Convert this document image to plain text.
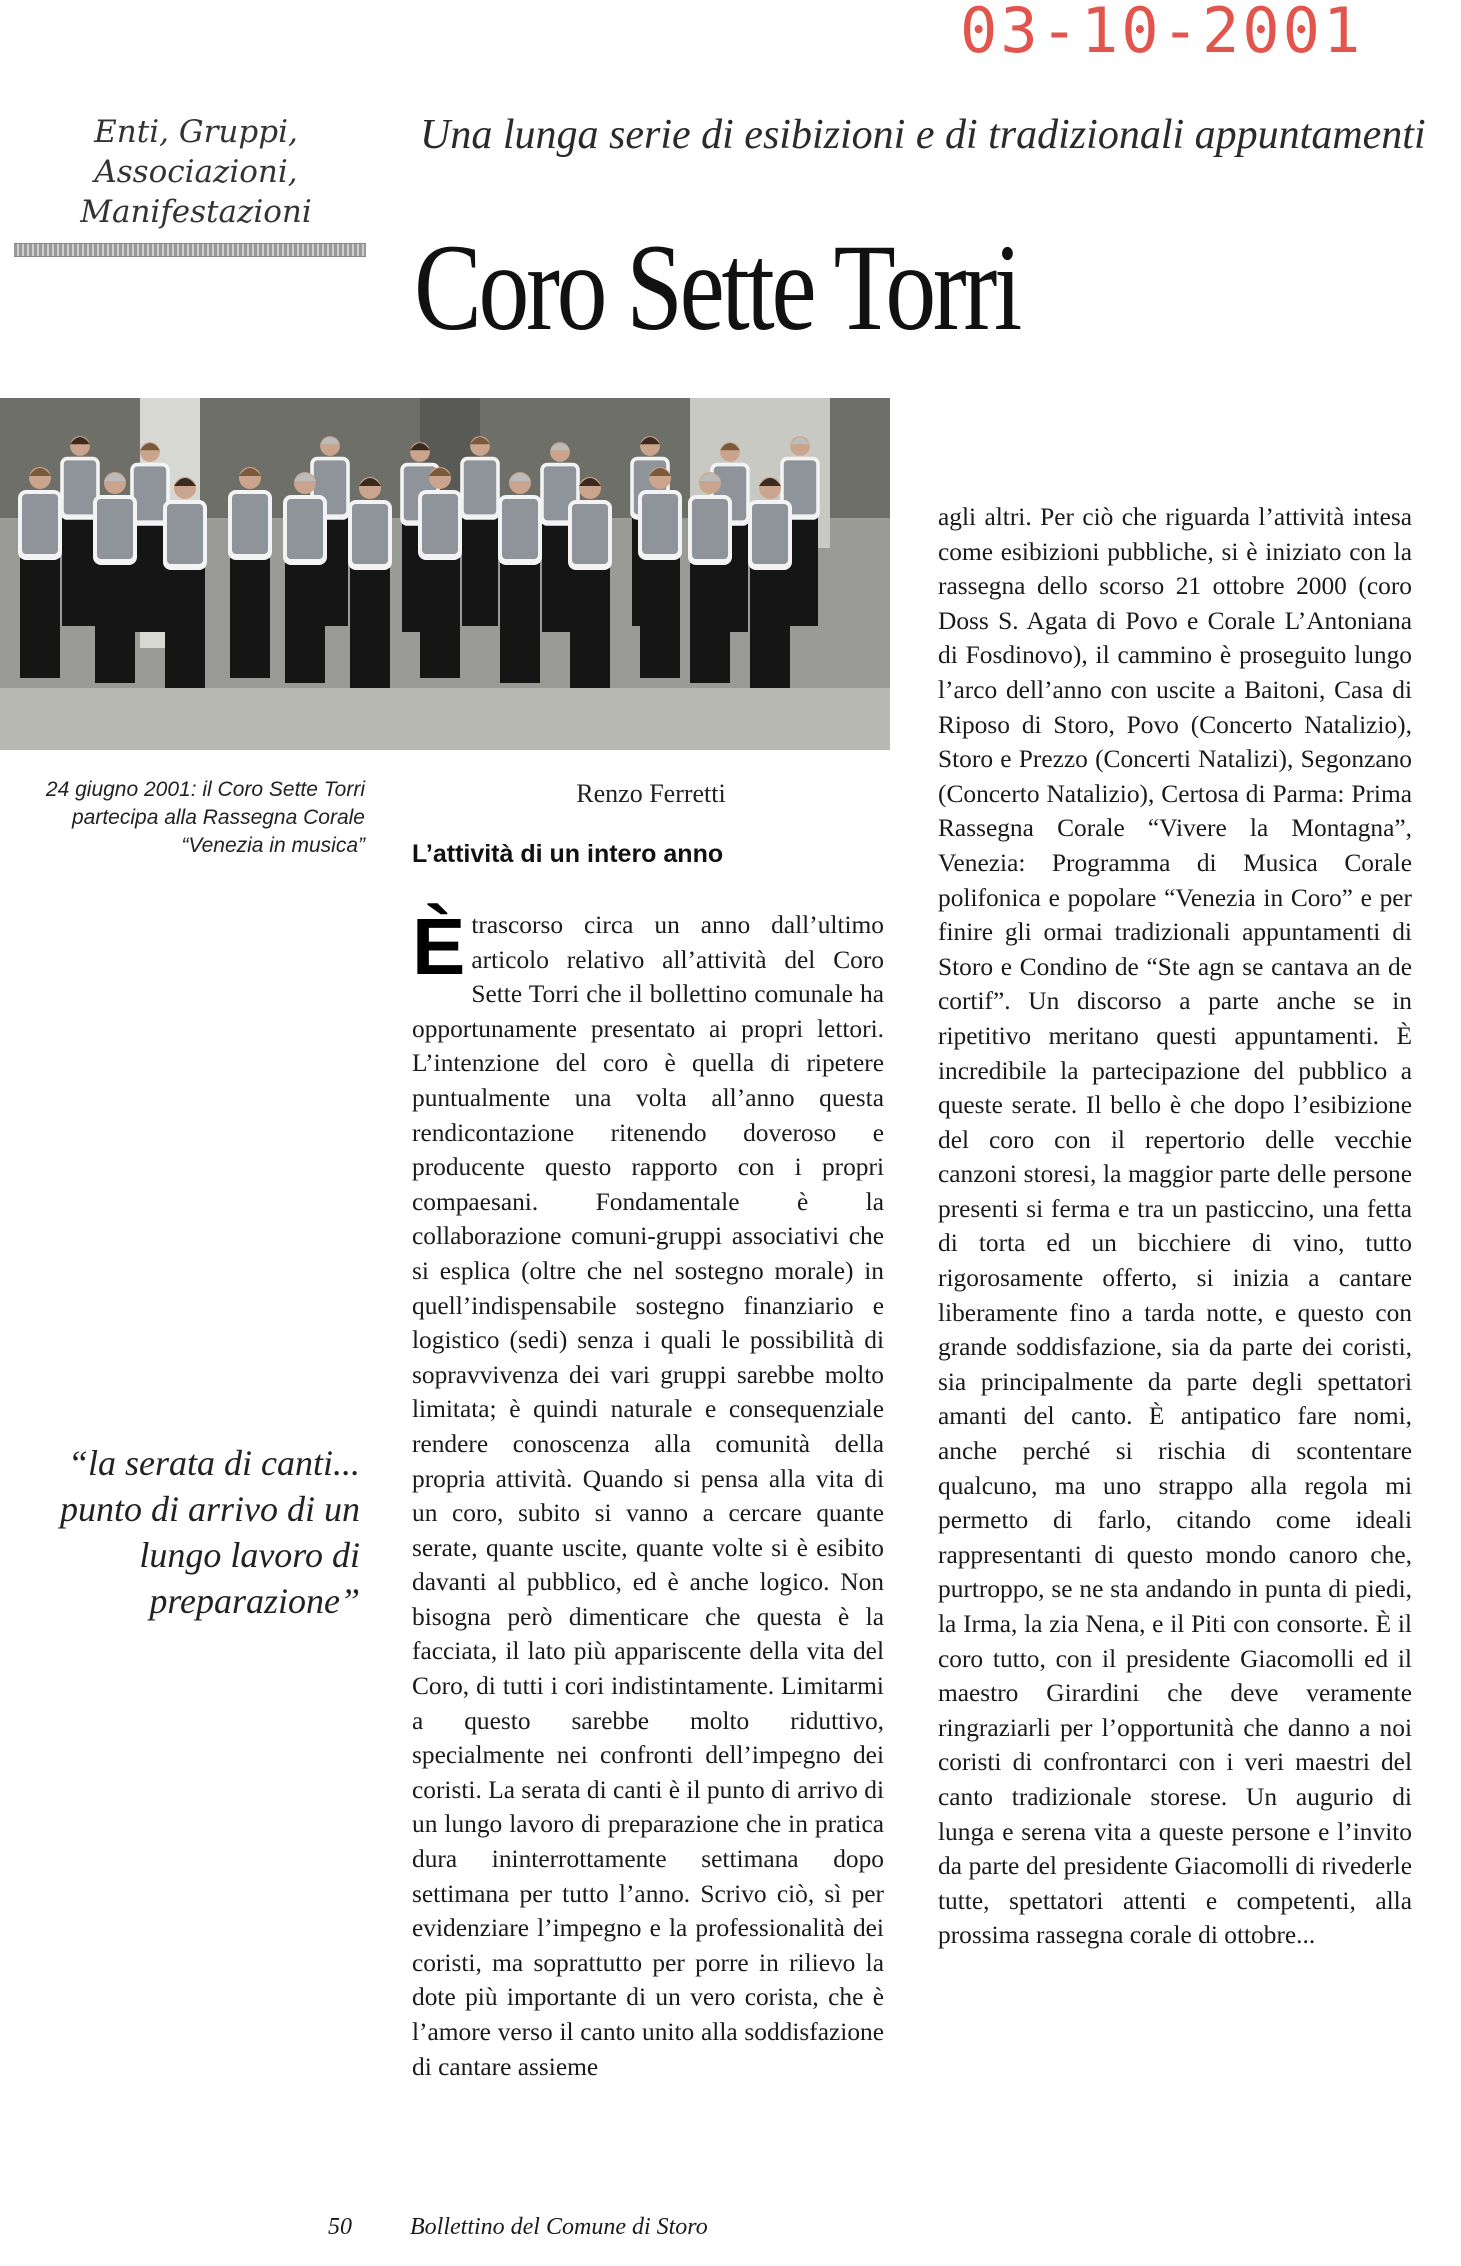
03-10-2001
Enti, Gruppi, Associazioni, Manifestazioni
Una lunga serie di esibizioni e di tradizionali appuntamenti
Coro Sette Torri
24 giugno 2001: il Coro Sette Torri partecipa alla Rassegna Corale “Venezia in musica”
“la serata di canti... punto di arrivo di un lungo lavoro di preparazione”
Renzo Ferretti
L’attività di un intero anno

Ètrascorso circa un anno dall’ultimo articolo relativo all’attività del Coro Sette Torri che il bollettino comunale ha opportunamente presentato ai propri lettori. L’intenzione del coro è quella di ripetere puntualmente una volta all’anno questa rendicontazione ritenendo doveroso e producente questo rapporto con i propri compaesani. Fondamentale è la collaborazione comuni-gruppi associativi che si esplica (oltre che nel sostegno morale) in quell’indispensabile sostegno finanziario e logistico (sedi) senza i quali le possibilità di sopravvivenza dei vari gruppi sarebbe molto limitata; è quindi naturale e consequenziale rendere conoscenza alla comunità della propria attività. Quando si pensa alla vita di un coro, subito si vanno a cercare quante serate, quante uscite, quante volte si è esibito davanti al pubblico, ed è anche logico. Non bisogna però dimenticare che questa è la facciata, il lato più appariscente della vita del Coro, di tutti i cori indistintamente. Limitarmi a questo sarebbe molto riduttivo, specialmente nei confronti dell’impegno dei coristi. La serata di canti è il punto di arrivo di un lungo lavoro di preparazione che in pratica dura ininterrottamente settimana dopo settimana per tutto l’anno. Scrivo ciò, sì per evidenziare l’impegno e la professionalità dei coristi, ma soprattutto per porre in rilievo la dote più importante di un vero corista, che è l’amore verso il canto unito alla soddisfazione di cantare assieme

agli altri. Per ciò che riguarda l’attività intesa come esibizioni pubbliche, si è iniziato con la rassegna dello scorso 21 ottobre 2000 (coro Doss S. Agata di Povo e Corale L’Antoniana di Fosdinovo), il cammino è proseguito lungo l’arco dell’anno con uscite a Baitoni, Casa di Riposo di Storo, Povo (Concerto Natalizio), Storo e Prezzo (Concerti Natalizi), Segonzano (Concerto Natalizio), Certosa di Parma: Prima Rassegna Corale “Vivere la Montagna”, Venezia: Programma di Musica Corale polifonica e popolare “Venezia in Coro” e per finire gli ormai tradizionali appuntamenti di Storo e Condino de “Ste agn se cantava an de cortif”. Un discorso a parte anche se in ripetitivo meritano questi appuntamenti. È incredibile la partecipazione del pubblico a queste serate. Il bello è che dopo l’esibizione del coro con il repertorio delle vecchie canzoni storesi, la maggior parte delle persone presenti si ferma e tra un pasticcino, una fetta di torta ed un bicchiere di vino, tutto rigorosamente offerto, si inizia a cantare liberamente fino a tarda notte, e questo con grande soddisfazione, sia da parte dei coristi, sia principalmente da parte degli spettatori amanti del canto. È antipatico fare nomi, anche perché si rischia di scontentare qualcuno, ma uno strappo alla regola mi permetto di farlo, citando come ideali rappresentanti di questo mondo canoro che, purtroppo, se ne sta andando in punta di piedi, la Irma, la zia Nena, e il Piti con consorte. È il coro tutto, con il presidente Giacomolli ed il maestro Girardini che deve veramente ringraziarli per l’opportunità che danno a noi coristi di confrontarci con i veri maestri del canto tradizionale storese. Un augurio di lunga e serena vita a queste persone e l’invito da parte del presidente Giacomolli di rivederle tutte, spettatori attenti e competenti, alla prossima rassegna corale di ottobre...

50	Bollettino del Comune di Storo
